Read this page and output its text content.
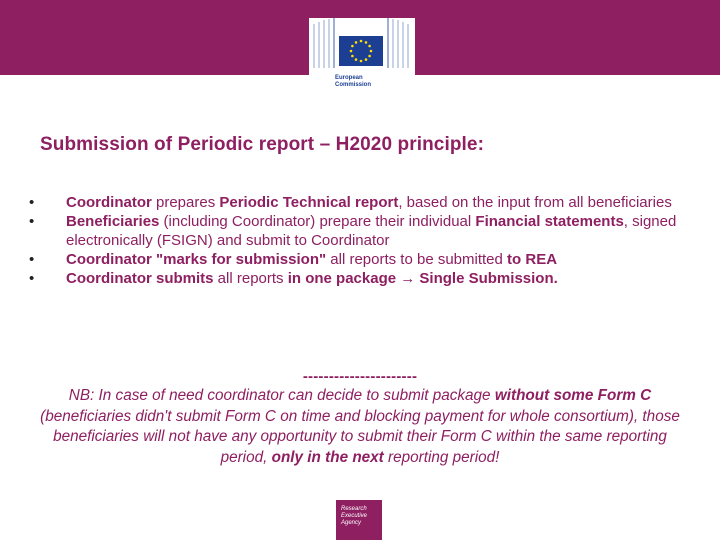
European
Commission
Submission of Periodic report – H2020 principle:
• Coordinator prepares Periodic Technical report, based on the input from all beneficiaries
• Beneficiaries (including Coordinator) prepare their individual Financial statements, signed electronically (FSIGN) and submit to Coordinator
• Coordinator "marks for submission" all reports to be submitted to REA
• Coordinator submits all reports in one package → Single Submission.
----------------------

NB: In case of need coordinator can decide to submit package without some Form C (beneficiaries didn't submit Form C on time and blocking payment for whole consortium), those beneficiaries will not have any opportunity to submit their Form C within the same reporting period, only in the next reporting period!

Research
Executive
Agency
